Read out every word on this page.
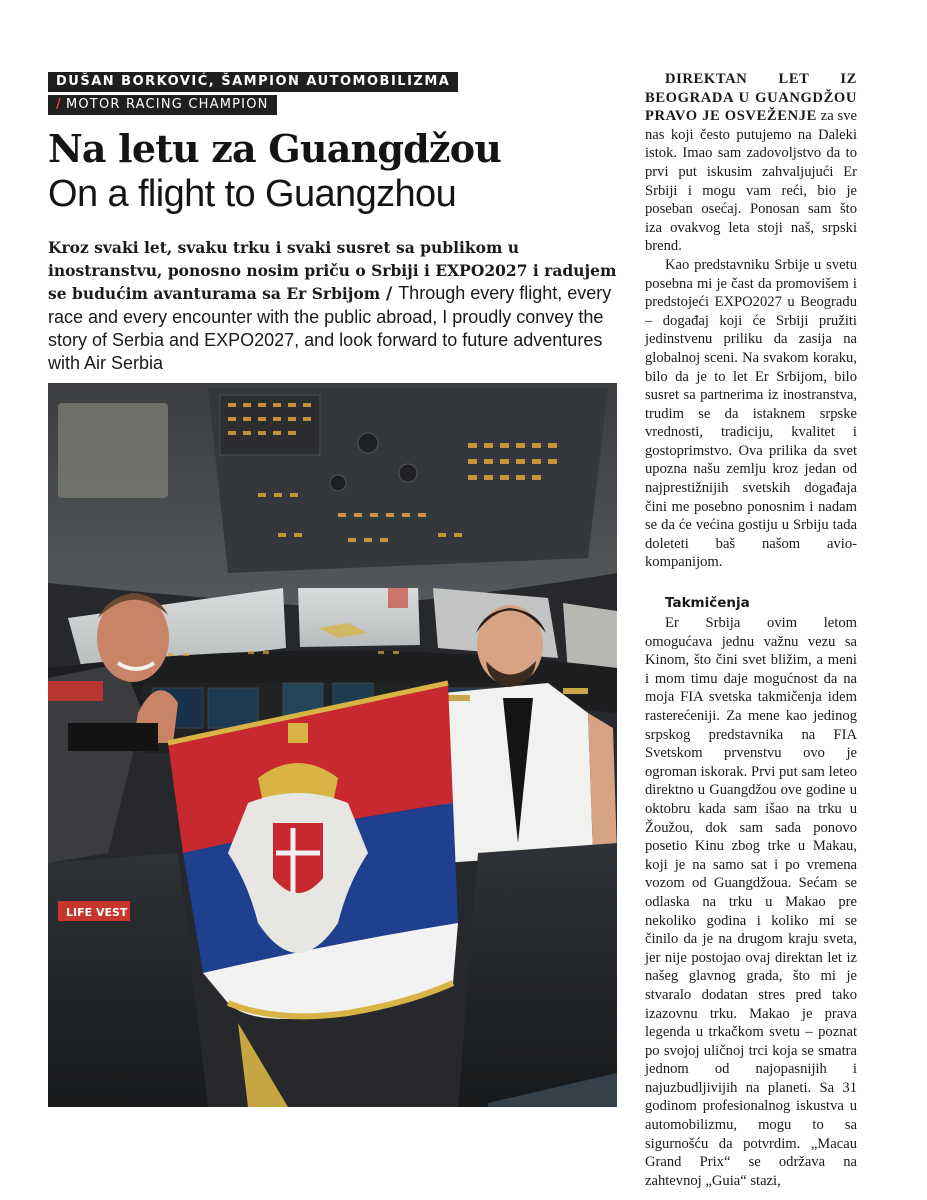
DUŠAN BORKOVIĆ, ŠAMPION AUTOMOBILIZMA
/ MOTOR RACING CHAMPION
Na letu za Guangdžou
On a flight to Guangzhou

Kroz svaki let, svaku trku i svaki susret sa publikom u inostranstvu, ponosno nosim priču o Srbiji i EXPO2027 i radujem se budućim avanturama sa Er Srbijom / Through every flight, every race and every encounter with the public abroad, I proudly convey the story of Serbia and EXPO2027, and look forward to future adventures with Air Serbia

LIFE VEST

DIREKTAN LET IZ BEOGRADA U GUANGDŽOU PRAVO JE OSVEŽENJE za sve nas koji često putujemo na Daleki istok. Imao sam zadovoljstvo da to prvi put iskusim zahvaljujući Er Srbiji i mogu vam reći, bio je poseban osećaj. Ponosan sam što iza ovakvog leta stoji naš, srpski brend.

Kao predstavniku Srbije u svetu posebna mi je čast da promovišem i predstojeći EXPO2027 u Beogradu – događaj koji će Srbiji pružiti jedinstvenu priliku da zasija na globalnoj sceni. Na svakom koraku, bilo da je to let Er Srbijom, bilo susret sa partnerima iz inostranstva, trudim se da istaknem srpske vrednosti, tradiciju, kvalitet i gostoprimstvo. Ova prilika da svet upozna našu zemlju kroz jedan od najprestižnijih svetskih događaja čini me posebno ponosnim i nadam se da će većina gostiju u Srbiju tada doleteti baš našom avio-kompanijom.

Takmičenja

Er Srbija ovim letom omogućava jednu važnu vezu sa Kinom, što čini svet bližim, a meni i mom timu daje mogućnost da na moja FIA svetska takmičenja idem rasterećeniji. Za mene kao jedinog srpskog predstavnika na FIA Svetskom prvenstvu ovo je ogroman iskorak. Prvi put sam leteo direktno u Guangdžou ove godine u oktobru kada sam išao na trku u Žoužou, dok sam sada ponovo posetio Kinu zbog trke u Makau, koji je na samo sat i po vremena vozom od Guangdžoua. Sećam se odlaska na trku u Makao pre nekoliko godina i koliko mi se činilo da je na drugom kraju sveta, jer nije postojao ovaj direktan let iz našeg glavnog grada, što mi je stvaralo dodatan stres pred tako izazovnu trku. Makao je prava legenda u trkačkom svetu – poznat po svojoj uličnoj trci koja se smatra jednom od najopasnijih i najuzbudljivijih na planeti. Sa 31 godinom profesionalnog iskustva u automobilizmu, mogu to sa sigurnošću da potvrdim. „Macau Grand Prix“ se održava na zahtevnoj „Guia“ stazi,
